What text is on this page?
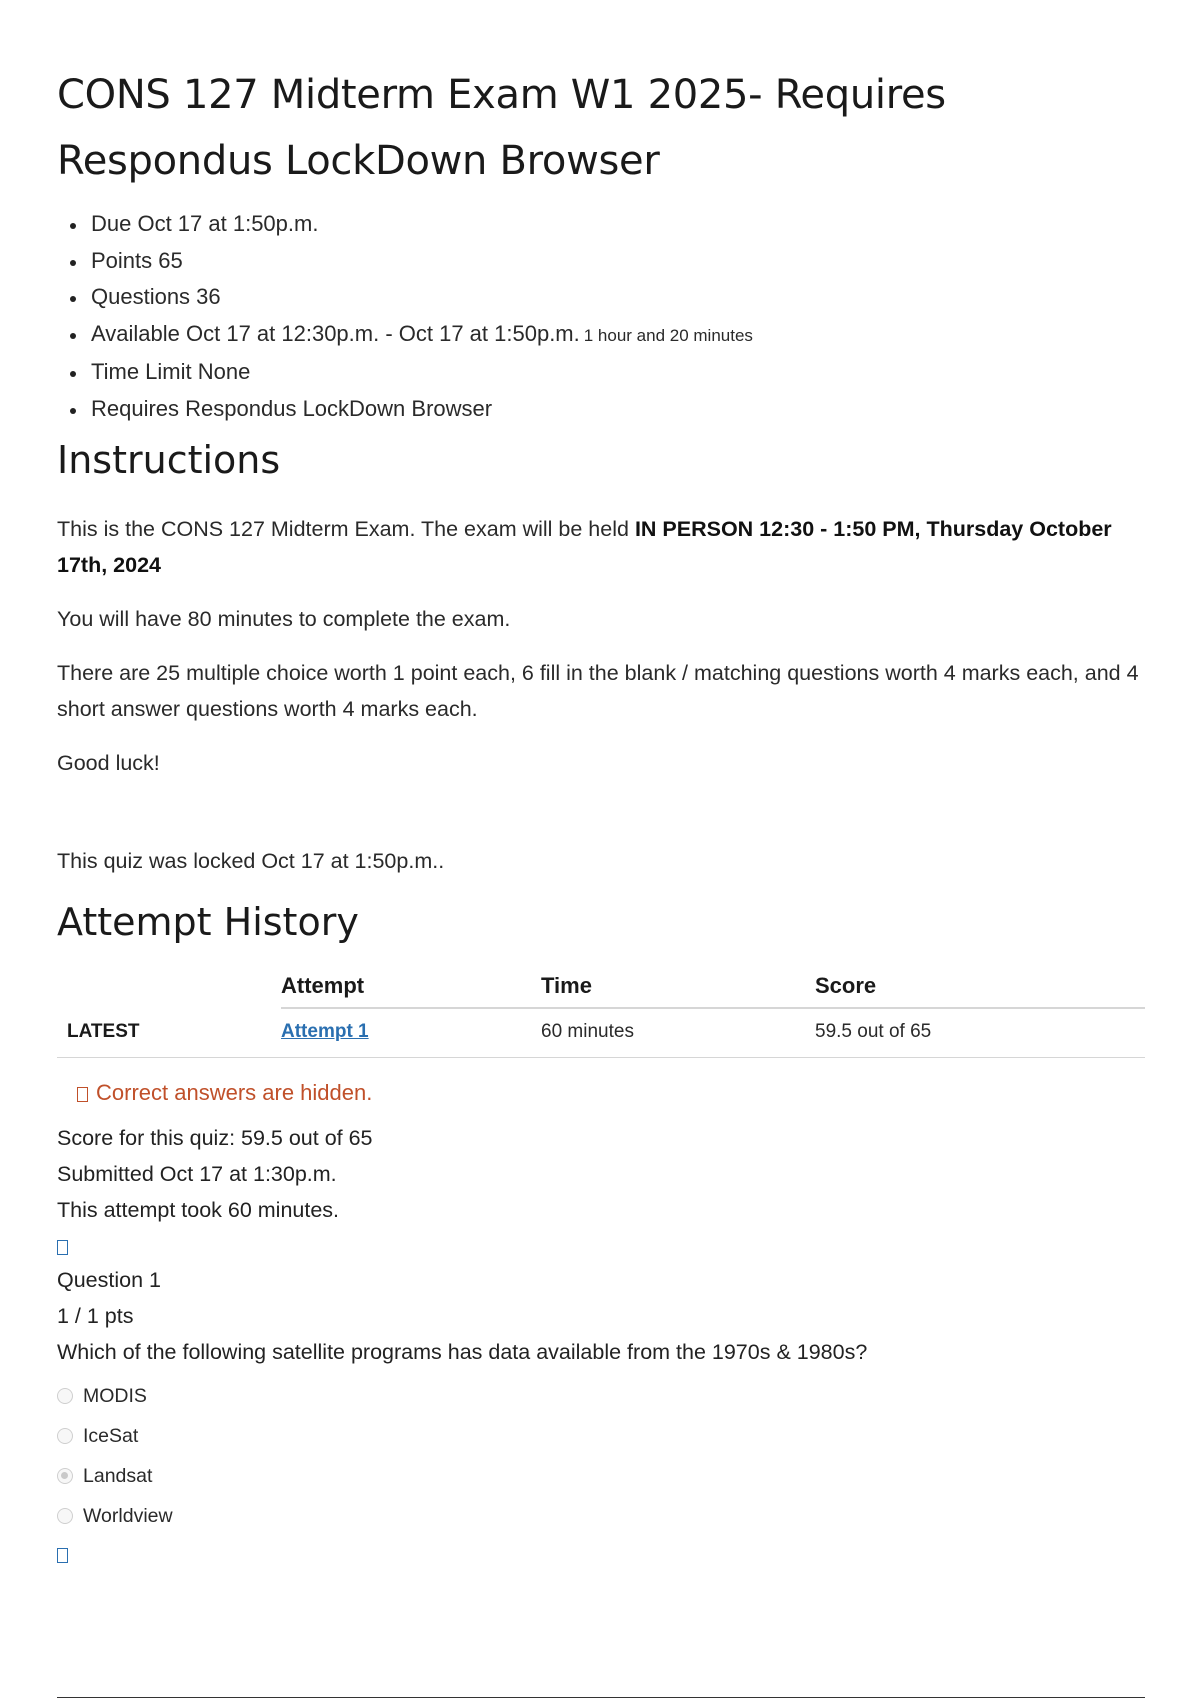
CONS 127 Midterm Exam W1 2025- Requires Respondus LockDown Browser
Due Oct 17 at 1:50p.m.
Points 65
Questions 36
Available Oct 17 at 12:30p.m. - Oct 17 at 1:50p.m. 1 hour and 20 minutes
Time Limit None
Requires Respondus LockDown Browser
Instructions

This is the CONS 127 Midterm Exam. The exam will be held IN PERSON 12:30 - 1:50 PM, Thursday October 17th, 2024

You will have 80 minutes to complete the exam.

There are 25 multiple choice worth 1 point each, 6 fill in the blank / matching questions worth 4 marks each, and 4 short answer questions worth 4 marks each.

Good luck!

This quiz was locked Oct 17 at 1:50p.m..
Attempt History
	Attempt	Time	Score
LATEST	Attempt 1	60 minutes	59.5 out of 65
Correct answers are hidden.
Score for this quiz: 59.5 out of 65
Submitted Oct 17 at 1:30p.m.
This attempt took 60 minutes.
Question 1
1 / 1 pts
Which of the following satellite programs has data available from the 1970s & 1980s?
MODIS
IceSat
Landsat
Worldview
